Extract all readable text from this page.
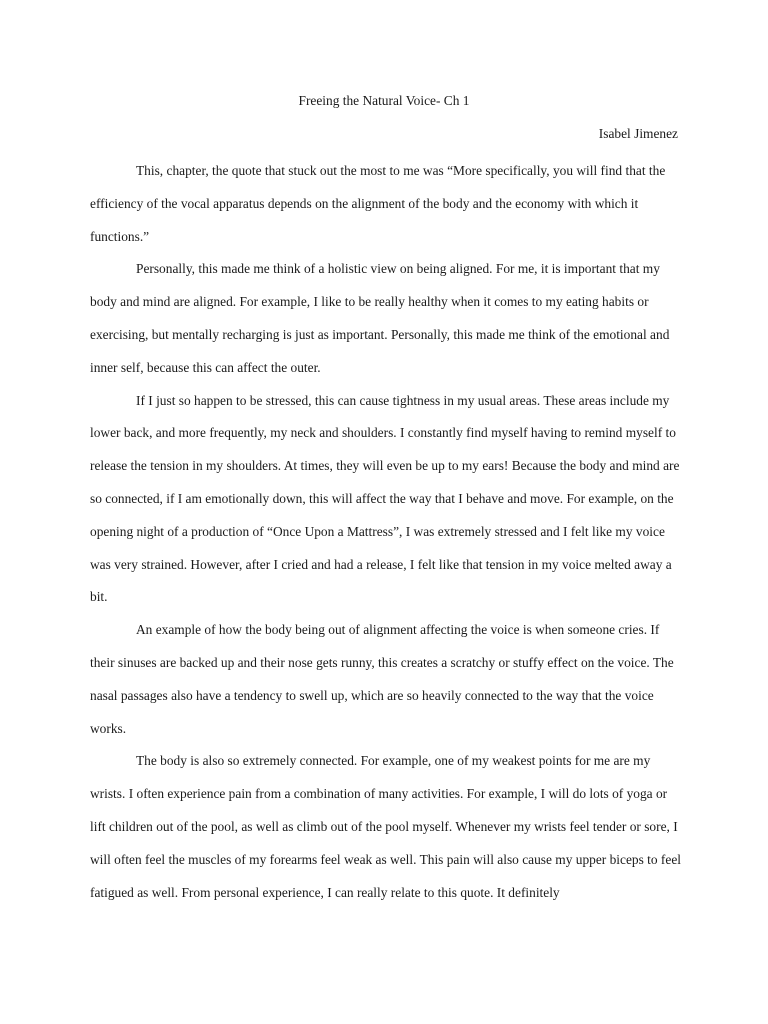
Freeing the Natural Voice- Ch 1

Isabel Jimenez

This, chapter, the quote that stuck out the most to me was “More specifically, you will find that the efficiency of the vocal apparatus depends on the alignment of the body and the economy with which it functions.”

Personally, this made me think of a holistic view on being aligned. For me, it is important that my body and mind are aligned. For example, I like to be really healthy when it comes to my eating habits or exercising, but mentally recharging is just as important. Personally, this made me think of the emotional and inner self, because this can affect the outer.

If I just so happen to be stressed, this can cause tightness in my usual areas. These areas include my lower back, and more frequently, my neck and shoulders. I constantly find myself having to remind myself to release the tension in my shoulders. At times, they will even be up to my ears! Because the body and mind are so connected, if I am emotionally down, this will affect the way that I behave and move. For example, on the opening night of a production of “Once Upon a Mattress”, I was extremely stressed and I felt like my voice was very strained. However, after I cried and had a release, I felt like that tension in my voice melted away a bit.

An example of how the body being out of alignment affecting the voice is when someone cries. If their sinuses are backed up and their nose gets runny, this creates a scratchy or stuffy effect on the voice. The nasal passages also have a tendency to swell up, which are so heavily connected to the way that the voice works.

The body is also so extremely connected. For example, one of my weakest points for me are my wrists. I often experience pain from a combination of many activities. For example, I will do lots of yoga or lift children out of the pool, as well as climb out of the pool myself. Whenever my wrists feel tender or sore, I will often feel the muscles of my forearms feel weak as well. This pain will also cause my upper biceps to feel fatigued as well. From personal experience, I can really relate to this quote. It definitely
